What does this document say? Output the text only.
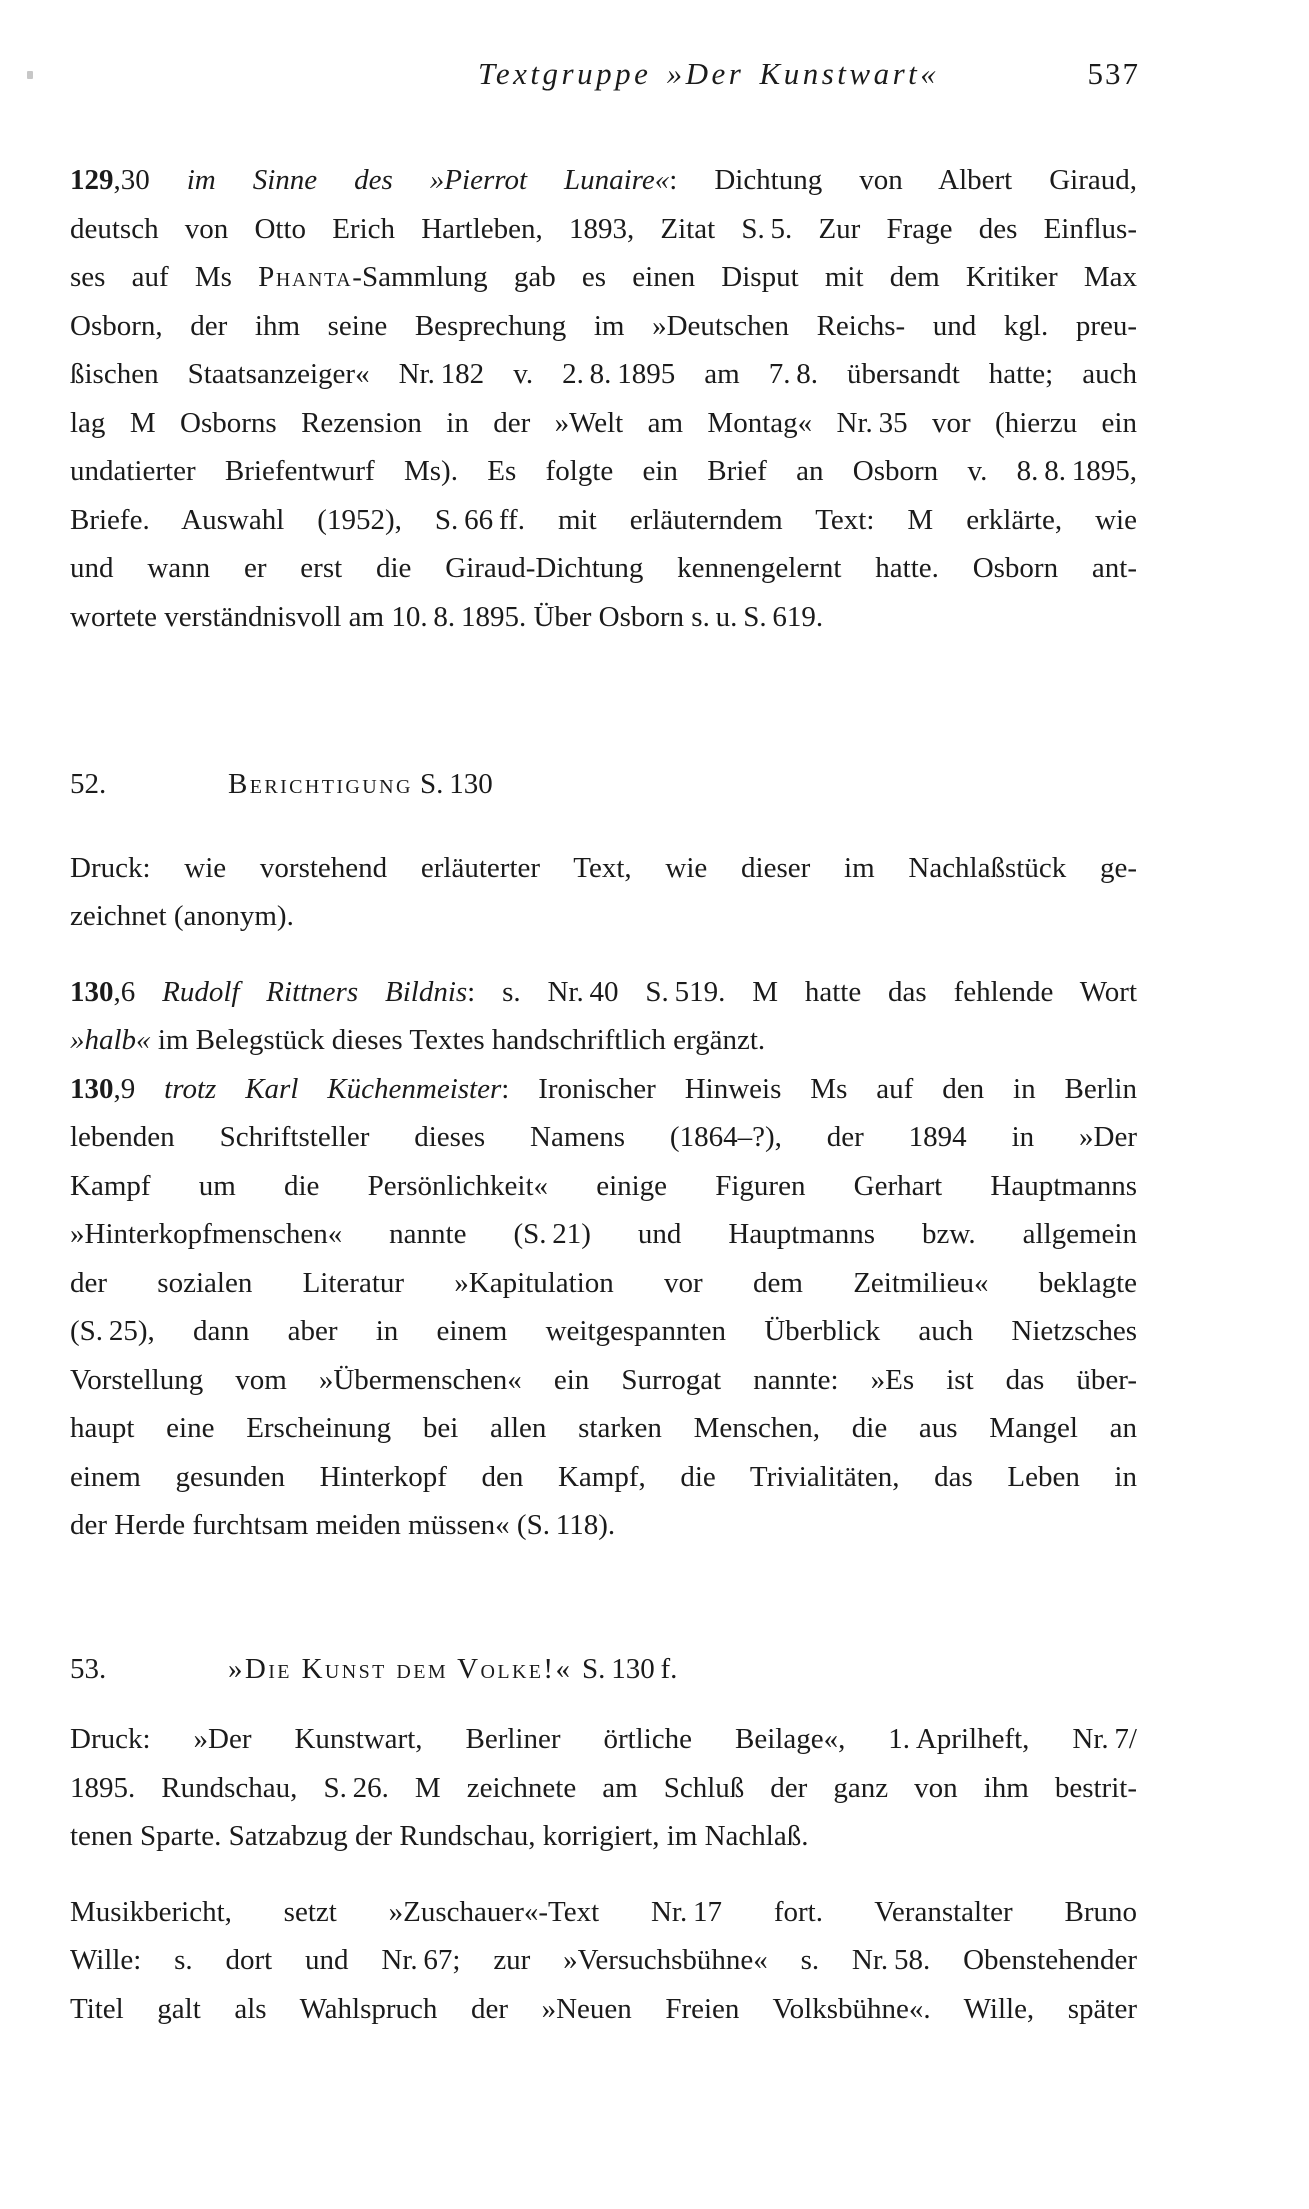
Textgruppe »Der Kunstwart«	537
129,30 im Sinne des »Pierrot Lunaire«: Dichtung von Albert Giraud,
deutsch von Otto Erich Hartleben, 1893, Zitat S. 5. Zur Frage des Einflus-
ses auf Ms Phanta-Sammlung gab es einen Disput mit dem Kritiker Max
Osborn, der ihm seine Besprechung im »Deutschen Reichs- und kgl. preu-
ßischen Staatsanzeiger« Nr. 182 v. 2. 8. 1895 am 7. 8. übersandt hatte; auch
lag M Osborns Rezension in der »Welt am Montag« Nr. 35 vor (hierzu ein
undatierter Briefentwurf Ms). Es folgte ein Brief an Osborn v. 8. 8. 1895,
Briefe. Auswahl (1952), S. 66 ff. mit erläuterndem Text: M erklärte, wie
und wann er erst die Giraud-Dichtung kennengelernt hatte. Osborn ant-
wortete verständnisvoll am 10. 8. 1895. Über Osborn s. u. S. 619.
52.	Berichtigung S. 130
Druck: wie vorstehend erläuterter Text, wie dieser im Nachlaßstück ge-
zeichnet (anonym).
130,6 Rudolf Rittners Bildnis: s. Nr. 40 S. 519. M hatte das fehlende Wort
»halb« im Belegstück dieses Textes handschriftlich ergänzt.
130,9 trotz Karl Küchenmeister: Ironischer Hinweis Ms auf den in Berlin
lebenden Schriftsteller dieses Namens (1864–?), der 1894 in »Der
Kampf um die Persönlichkeit« einige Figuren Gerhart Hauptmanns
»Hinterkopfmenschen« nannte (S. 21) und Hauptmanns bzw. allgemein
der sozialen Literatur »Kapitulation vor dem Zeitmilieu« beklagte
(S. 25), dann aber in einem weitgespannten Überblick auch Nietzsches
Vorstellung vom »Übermenschen« ein Surrogat nannte: »Es ist das über-
haupt eine Erscheinung bei allen starken Menschen, die aus Mangel an
einem gesunden Hinterkopf den Kampf, die Trivialitäten, das Leben in
der Herde furchtsam meiden müssen« (S. 118).
53.	»Die Kunst dem Volke!« S. 130 f.
Druck: »Der Kunstwart, Berliner örtliche Beilage«, 1. Aprilheft, Nr. 7/
1895. Rundschau, S. 26. M zeichnete am Schluß der ganz von ihm bestrit-
tenen Sparte. Satzabzug der Rundschau, korrigiert, im Nachlaß.
Musikbericht, setzt »Zuschauer«-Text Nr. 17 fort. Veranstalter Bruno
Wille: s. dort und Nr. 67; zur »Versuchsbühne« s. Nr. 58. Obenstehender
Titel galt als Wahlspruch der »Neuen Freien Volksbühne«. Wille, später
